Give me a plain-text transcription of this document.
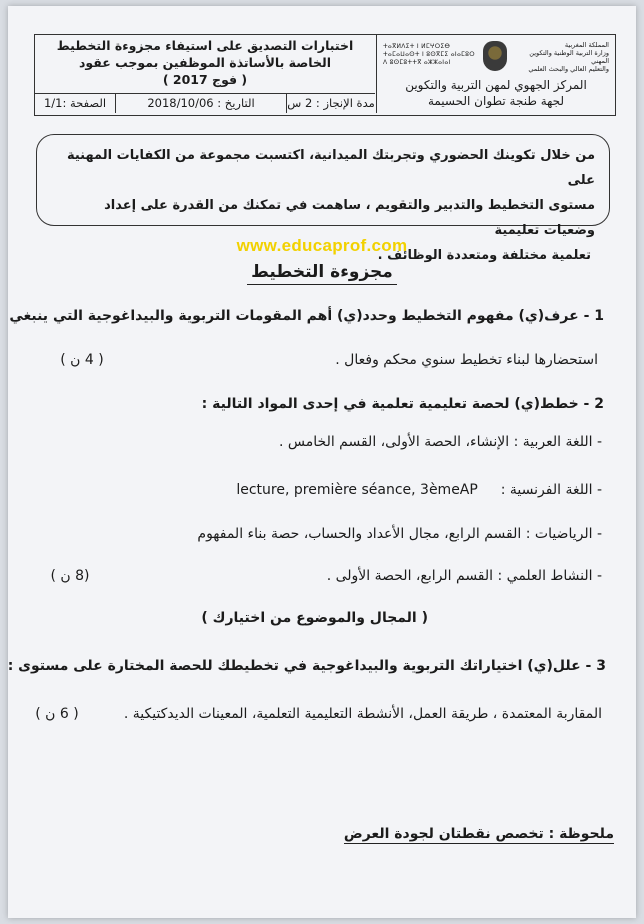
المملكة المغربية
وزارة التربية الوطنية والتكوين المهني
والتعليم العالي والبحث العلمي
ⵜⴰⴳⵍⴷⵉⵜ ⵏ ⵍⵎⵖⵔⵉⴱ
ⵜⴰⵎⴰⵡⴰⵙⵜ ⵏ ⵓⵙⴳⵎⵉ ⴰⵏⴰⵎⵓⵔ
ⴷ ⵓⵙⵎⵓⵜⵜⴳ ⴰⵣⵣⴰⵏⴰⵏ
المركز الجهوي لمهن التربية والتكوين
لجهة طنجة تطوان الحسيمة
اختبارات التصديق على استيفاء مجزوءة التخطيط
الخاصة بالأساتذة الموظفين بموجب عقود
( فوج 2017 )
مدة الإنجاز : 2 س
التاريخ : 2018/10/06
الصفحة :1/1
من خلال تكوينك الحضوري وتجربتك الميدانية، اكتسبت مجموعة من الكفايات المهنية على
مستوى التخطيط والتدبير والتقويم ، ساهمت في تمكنك من القدرة على إعداد وضعيات تعليمية
تعلمية مختلفة ومتعددة الوظائف .
www.educaprof.com
مجزوءة التخطيط
1 - عرف(ي) مفهوم التخطيط وحدد(ي) أهم المقومات التربوية والبيداغوجية التي ينبغي
استحضارها لبناء تخطيط سنوي محكم وفعال .
( 4 ن )
2 - خطط(ي) لحصة تعليمية تعلمية في إحدى المواد التالية :
- اللغة العربية : الإنشاء، الحصة الأولى، القسم الخامس .
- اللغة الفرنسية :  lecture, première séance, 3èmeAP
- الرياضيات : القسم الرابع، مجال الأعداد والحساب، حصة بناء المفهوم
- النشاط العلمي : القسم الرابع، الحصة الأولى .
(8 ن )
( المجال والموضوع من اختيارك )
3 - علل(ي) اختياراتك التربوية والبيداغوجية في تخطيطك للحصة المختارة على مستوى :
المقاربة المعتمدة ، طريقة العمل، الأنشطة التعليمية التعلمية، المعينات الديدكتيكية .
( 6 ن )
ملحوظة : تخصص نقطتان لجودة العرض
